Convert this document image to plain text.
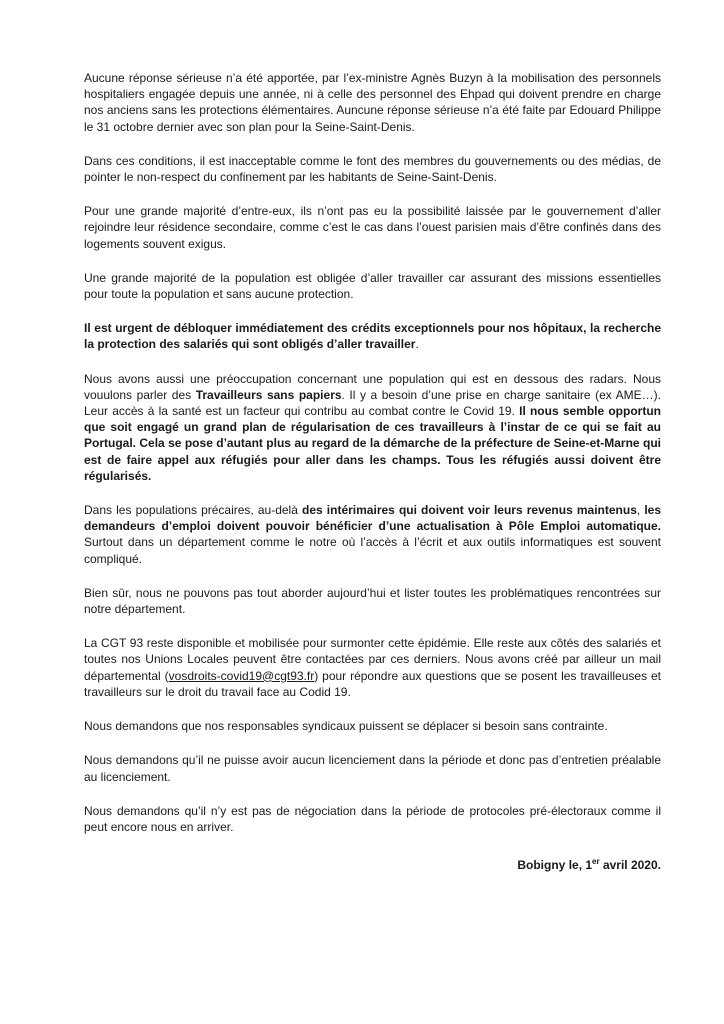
Aucune réponse sérieuse n’a été apportée, par l’ex-ministre Agnès Buzyn à la mobilisation des personnels hospitaliers engagée depuis une année, ni à celle des personnel des Ehpad qui doivent prendre en charge nos anciens sans les protections élémentaires. Auncune réponse sérieuse n’a été faite par Edouard Philippe le 31 octobre dernier avec son plan pour la Seine-Saint-Denis.

Dans ces conditions, il est inacceptable comme le font des membres du gouvernements ou des médias, de pointer le non-respect du confinement par les habitants de Seine-Saint-Denis.

Pour une grande majorité d’entre-eux, ils n’ont pas eu la possibilité laissée par le gouvernement d’aller rejoindre leur résidence secondaire, comme c’est le cas dans l’ouest parisien mais d’être confinés dans des logements souvent exigus.

Une grande majorité de la population est obligée d’aller travailler car assurant des missions essentielles pour toute la population et sans aucune protection.

Il est urgent de débloquer immédiatement des crédits exceptionnels pour nos hôpitaux, la recherche la protection des salariés qui sont obligés d’aller travailler.

Nous avons aussi une préoccupation concernant une population qui est en dessous des radars. Nous vouulons parler des Travailleurs sans papiers. Il y a besoin d’une prise en charge sanitaire (ex AME…). Leur accès à la santé est un facteur qui contribu au combat contre le Covid 19. Il nous semble opportun que soit engagé un grand plan de régularisation de ces travailleurs à l’instar de ce qui se fait au Portugal. Cela se pose d’autant plus au regard de la démarche de la préfecture de Seine-et-Marne qui est de faire appel aux réfugiés pour aller dans les champs. Tous les réfugiés aussi doivent être régularisés.

Dans les populations précaires, au-delà des intérimaires qui doivent voir leurs revenus maintenus, les demandeurs d’emploi doivent pouvoir bénéficier d’une actualisation à Pôle Emploi automatique. Surtout dans un département comme le notre où l’accès à l’écrit et aux outils informatiques est souvent compliqué.

Bien sûr, nous ne pouvons pas tout aborder aujourd’hui et lister toutes les problématiques rencontrées sur notre département.

La CGT 93 reste disponible et mobilisée pour surmonter cette épidémie. Elle reste aux côtés des salariés et toutes nos Unions Locales peuvent être contactées par ces derniers. Nous avons créé par ailleur un mail départemental (vosdroits-covid19@cgt93.fr) pour répondre aux questions que se posent les travailleuses et travailleurs sur le droit du travail face au Codid 19.

Nous demandons que nos responsables syndicaux puissent se déplacer si besoin sans contrainte.

Nous demandons qu’il ne puisse avoir aucun licenciement dans la période et donc pas d’entretien préalable au licenciement.

Nous demandons qu’il n’y est pas de négociation dans la période de protocoles pré-électoraux comme il peut encore nous en arriver.

Bobigny le, 1er avril 2020.
